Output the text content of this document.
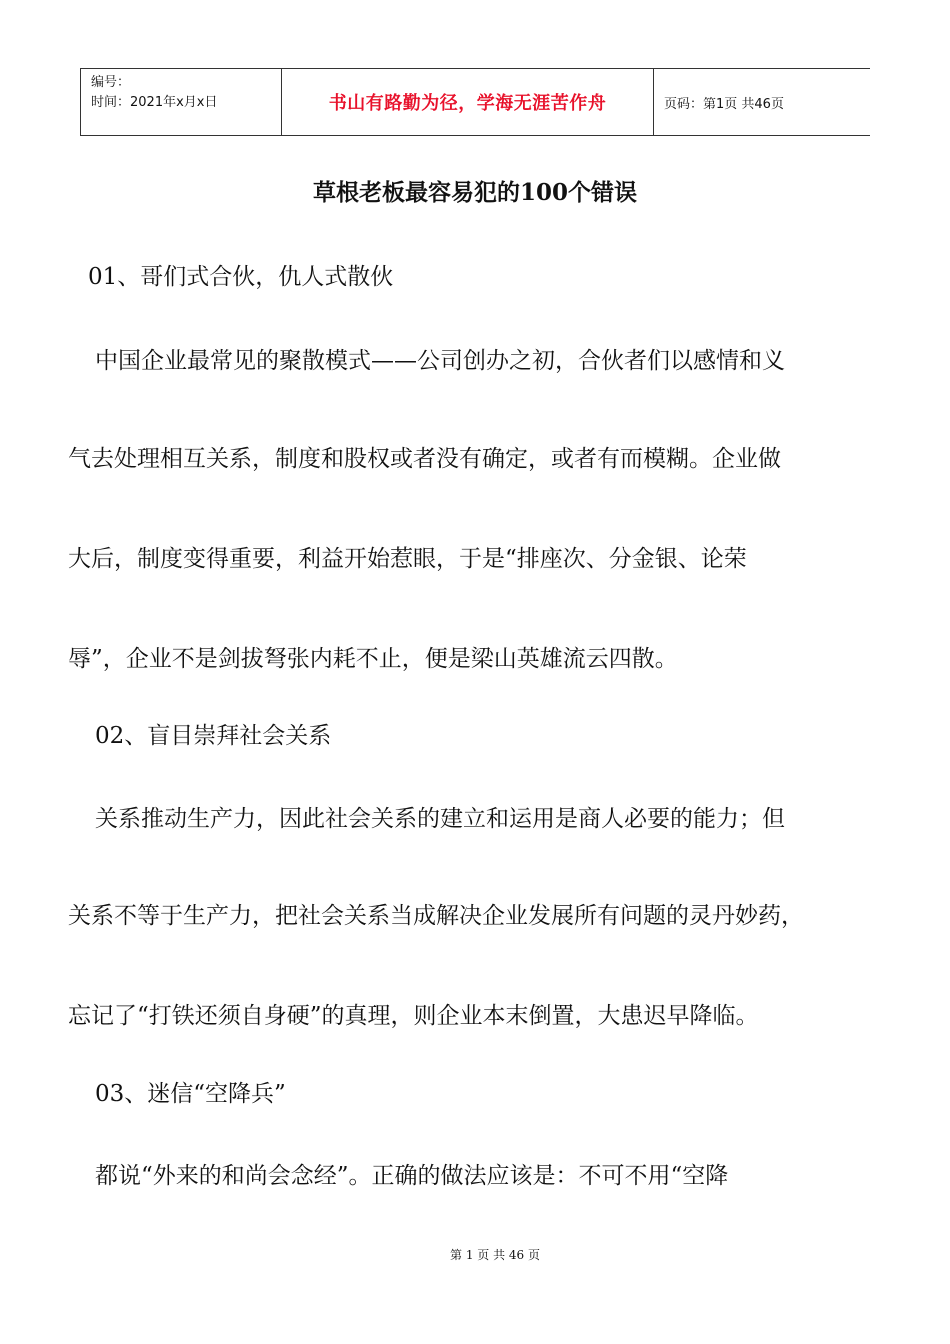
编号：
时间：2021年x月x日	书山有路勤为径，学海无涯苦作舟	页码：第1页 共46页
草根老板最容易犯的100个错误
01、哥们式合伙，仇人式散伙
中国企业最常见的聚散模式——公司创办之初，合伙者们以感情和义
气去处理相互关系，制度和股权或者没有确定，或者有而模糊。企业做
大后，制度变得重要，利益开始惹眼，于是“排座次、分金银、论荣
辱”，企业不是剑拔弩张内耗不止，便是梁山英雄流云四散。
02、盲目崇拜社会关系
关系推动生产力，因此社会关系的建立和运用是商人必要的能力；但
关系不等于生产力，把社会关系当成解决企业发展所有问题的灵丹妙药，
忘记了“打铁还须自身硬”的真理，则企业本末倒置，大患迟早降临。
03、迷信“空降兵”
都说“外来的和尚会念经”。正确的做法应该是：不可不用“空降
第 1 页 共 46 页
